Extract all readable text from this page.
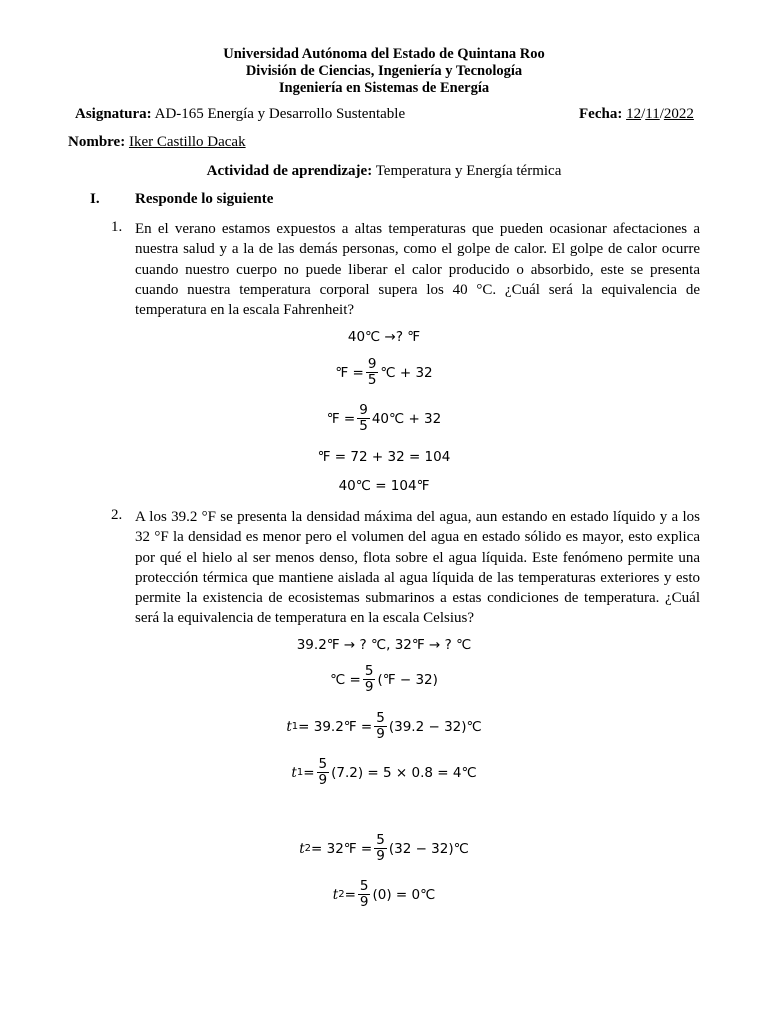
Universidad Autónoma del Estado de Quintana Roo
División de Ciencias, Ingeniería y Tecnología
Ingeniería en Sistemas de Energía
Asignatura: AD-165 Energía y Desarrollo Sustentable	Fecha: 12/11/2022
Nombre: Iker Castillo Dacak
Actividad de aprendizaje: Temperatura y Energía térmica
I. Responde lo siguiente
1. En el verano estamos expuestos a altas temperaturas que pueden ocasionar afectaciones a nuestra salud y a la de las demás personas, como el golpe de calor. El golpe de calor ocurre cuando nuestro cuerpo no puede liberar el calor producido o absorbido, este se presenta cuando nuestra temperatura corporal supera los 40 °C. ¿Cuál será la equivalencia de temperatura en la escala Fahrenheit?
40℃ →? ℉
℉ = $\frac{9}{5}$ ℃ + 32
℉ = $\frac{9}{5}$ 40℃ + 32
℉ = 72 + 32 = 104
40℃ = 104℉
2. A los 39.2 °F se presenta la densidad máxima del agua, aun estando en estado líquido y a los 32 °F la densidad es menor pero el volumen del agua en estado sólido es mayor, esto explica por qué el hielo al ser menos denso, flota sobre el agua líquida. Este fenómeno permite una protección térmica que mantiene aislada al agua líquida de las temperaturas exteriores y esto permite la existencia de ecosistemas submarinos a estas condiciones de temperatura. ¿Cuál será la equivalencia de temperatura en la escala Celsius?
39.2℉ → ? ℃, 32℉ → ? ℃
℃ = $\frac{5}{9}$ (℉ − 32)
t 1 = 39.2℉ = $\frac{5}{9} (39.2$ − 32)℃
t $1 = \frac{5}{9} (7.2) = 5 \times 0.8$ = 4℃
t 2 = 32℉ = $\frac{5}{9} (32$ − 32)℃
t $2 = \frac{5}{9} (0)$ = 0℃
